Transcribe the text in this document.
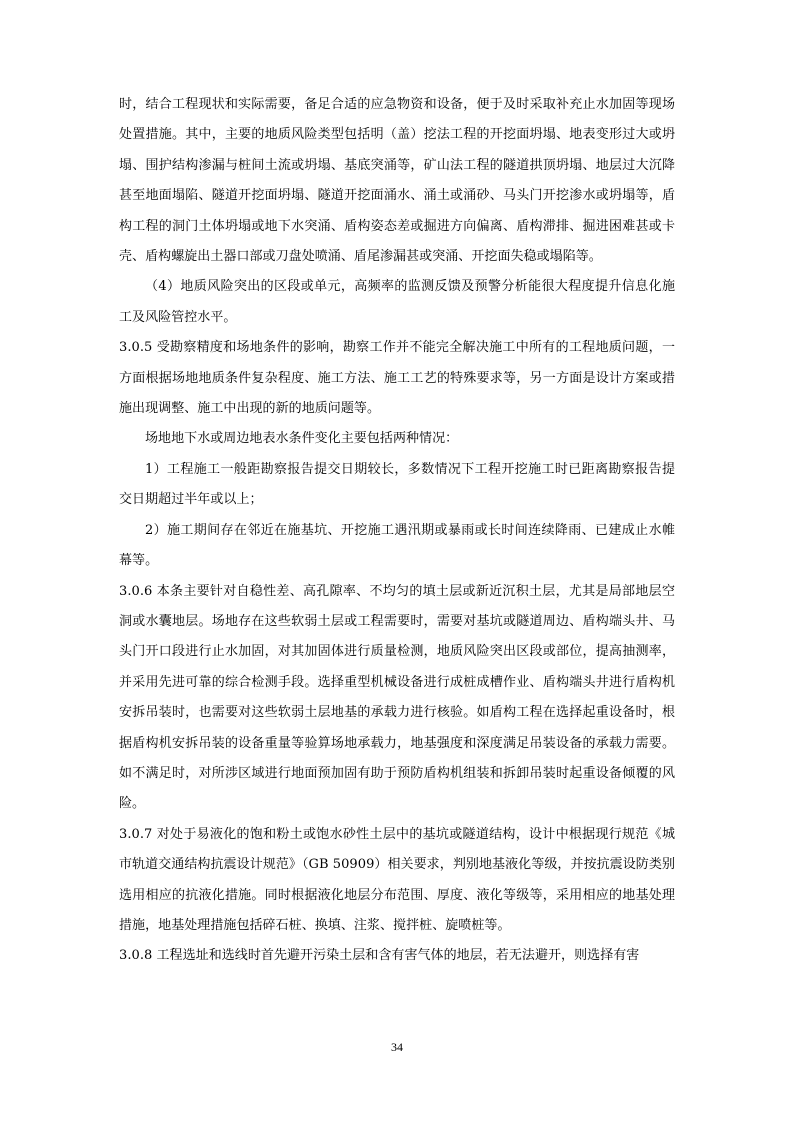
时，结合工程现状和实际需要，备足合适的应急物资和设备，便于及时采取补充止水加固等现场处置措施。其中，主要的地质风险类型包括明（盖）挖法工程的开挖面坍塌、地表变形过大或坍塌、围护结构渗漏与桩间土流或坍塌、基底突涌等，矿山法工程的隧道拱顶坍塌、地层过大沉降甚至地面塌陷、隧道开挖面坍塌、隧道开挖面涌水、涌土或涌砂、马头门开挖渗水或坍塌等，盾构工程的洞门土体坍塌或地下水突涌、盾构姿态差或掘进方向偏离、盾构滞排、掘进困难甚或卡壳、盾构螺旋出土器口部或刀盘处喷涌、盾尾渗漏甚或突涌、开挖面失稳或塌陷等。

（4）地质风险突出的区段或单元，高频率的监测反馈及预警分析能很大程度提升信息化施工及风险管控水平。

3.0.5 受勘察精度和场地条件的影响，勘察工作并不能完全解决施工中所有的工程地质问题，一方面根据场地地质条件复杂程度、施工方法、施工工艺的特殊要求等，另一方面是设计方案或措施出现调整、施工中出现的新的地质问题等。

场地地下水或周边地表水条件变化主要包括两种情况：

1）工程施工一般距勘察报告提交日期较长，多数情况下工程开挖施工时已距离勘察报告提交日期超过半年或以上；

2）施工期间存在邻近在施基坑、开挖施工遇汛期或暴雨或长时间连续降雨、已建成止水帷幕等。

3.0.6 本条主要针对自稳性差、高孔隙率、不均匀的填土层或新近沉积土层，尤其是局部地层空洞或水囊地层。场地存在这些软弱土层或工程需要时，需要对基坑或隧道周边、盾构端头井、马头门开口段进行止水加固，对其加固体进行质量检测，地质风险突出区段或部位，提高抽测率，并采用先进可靠的综合检测手段。选择重型机械设备进行成桩成槽作业、盾构端头井进行盾构机安拆吊装时，也需要对这些软弱土层地基的承载力进行核验。如盾构工程在选择起重设备时，根据盾构机安拆吊装的设备重量等验算场地承载力，地基强度和深度满足吊装设备的承载力需要。如不满足时，对所涉区域进行地面预加固有助于预防盾构机组装和拆卸吊装时起重设备倾覆的风险。

3.0.7 对处于易液化的饱和粉土或饱水砂性土层中的基坑或隧道结构，设计中根据现行规范《城市轨道交通结构抗震设计规范》（GB 50909）相关要求，判别地基液化等级，并按抗震设防类别选用相应的抗液化措施。同时根据液化地层分布范围、厚度、液化等级等，采用相应的地基处理措施，地基处理措施包括碎石桩、换填、注浆、搅拌桩、旋喷桩等。

3.0.8 工程选址和选线时首先避开污染土层和含有害气体的地层，若无法避开，则选择有害

34
